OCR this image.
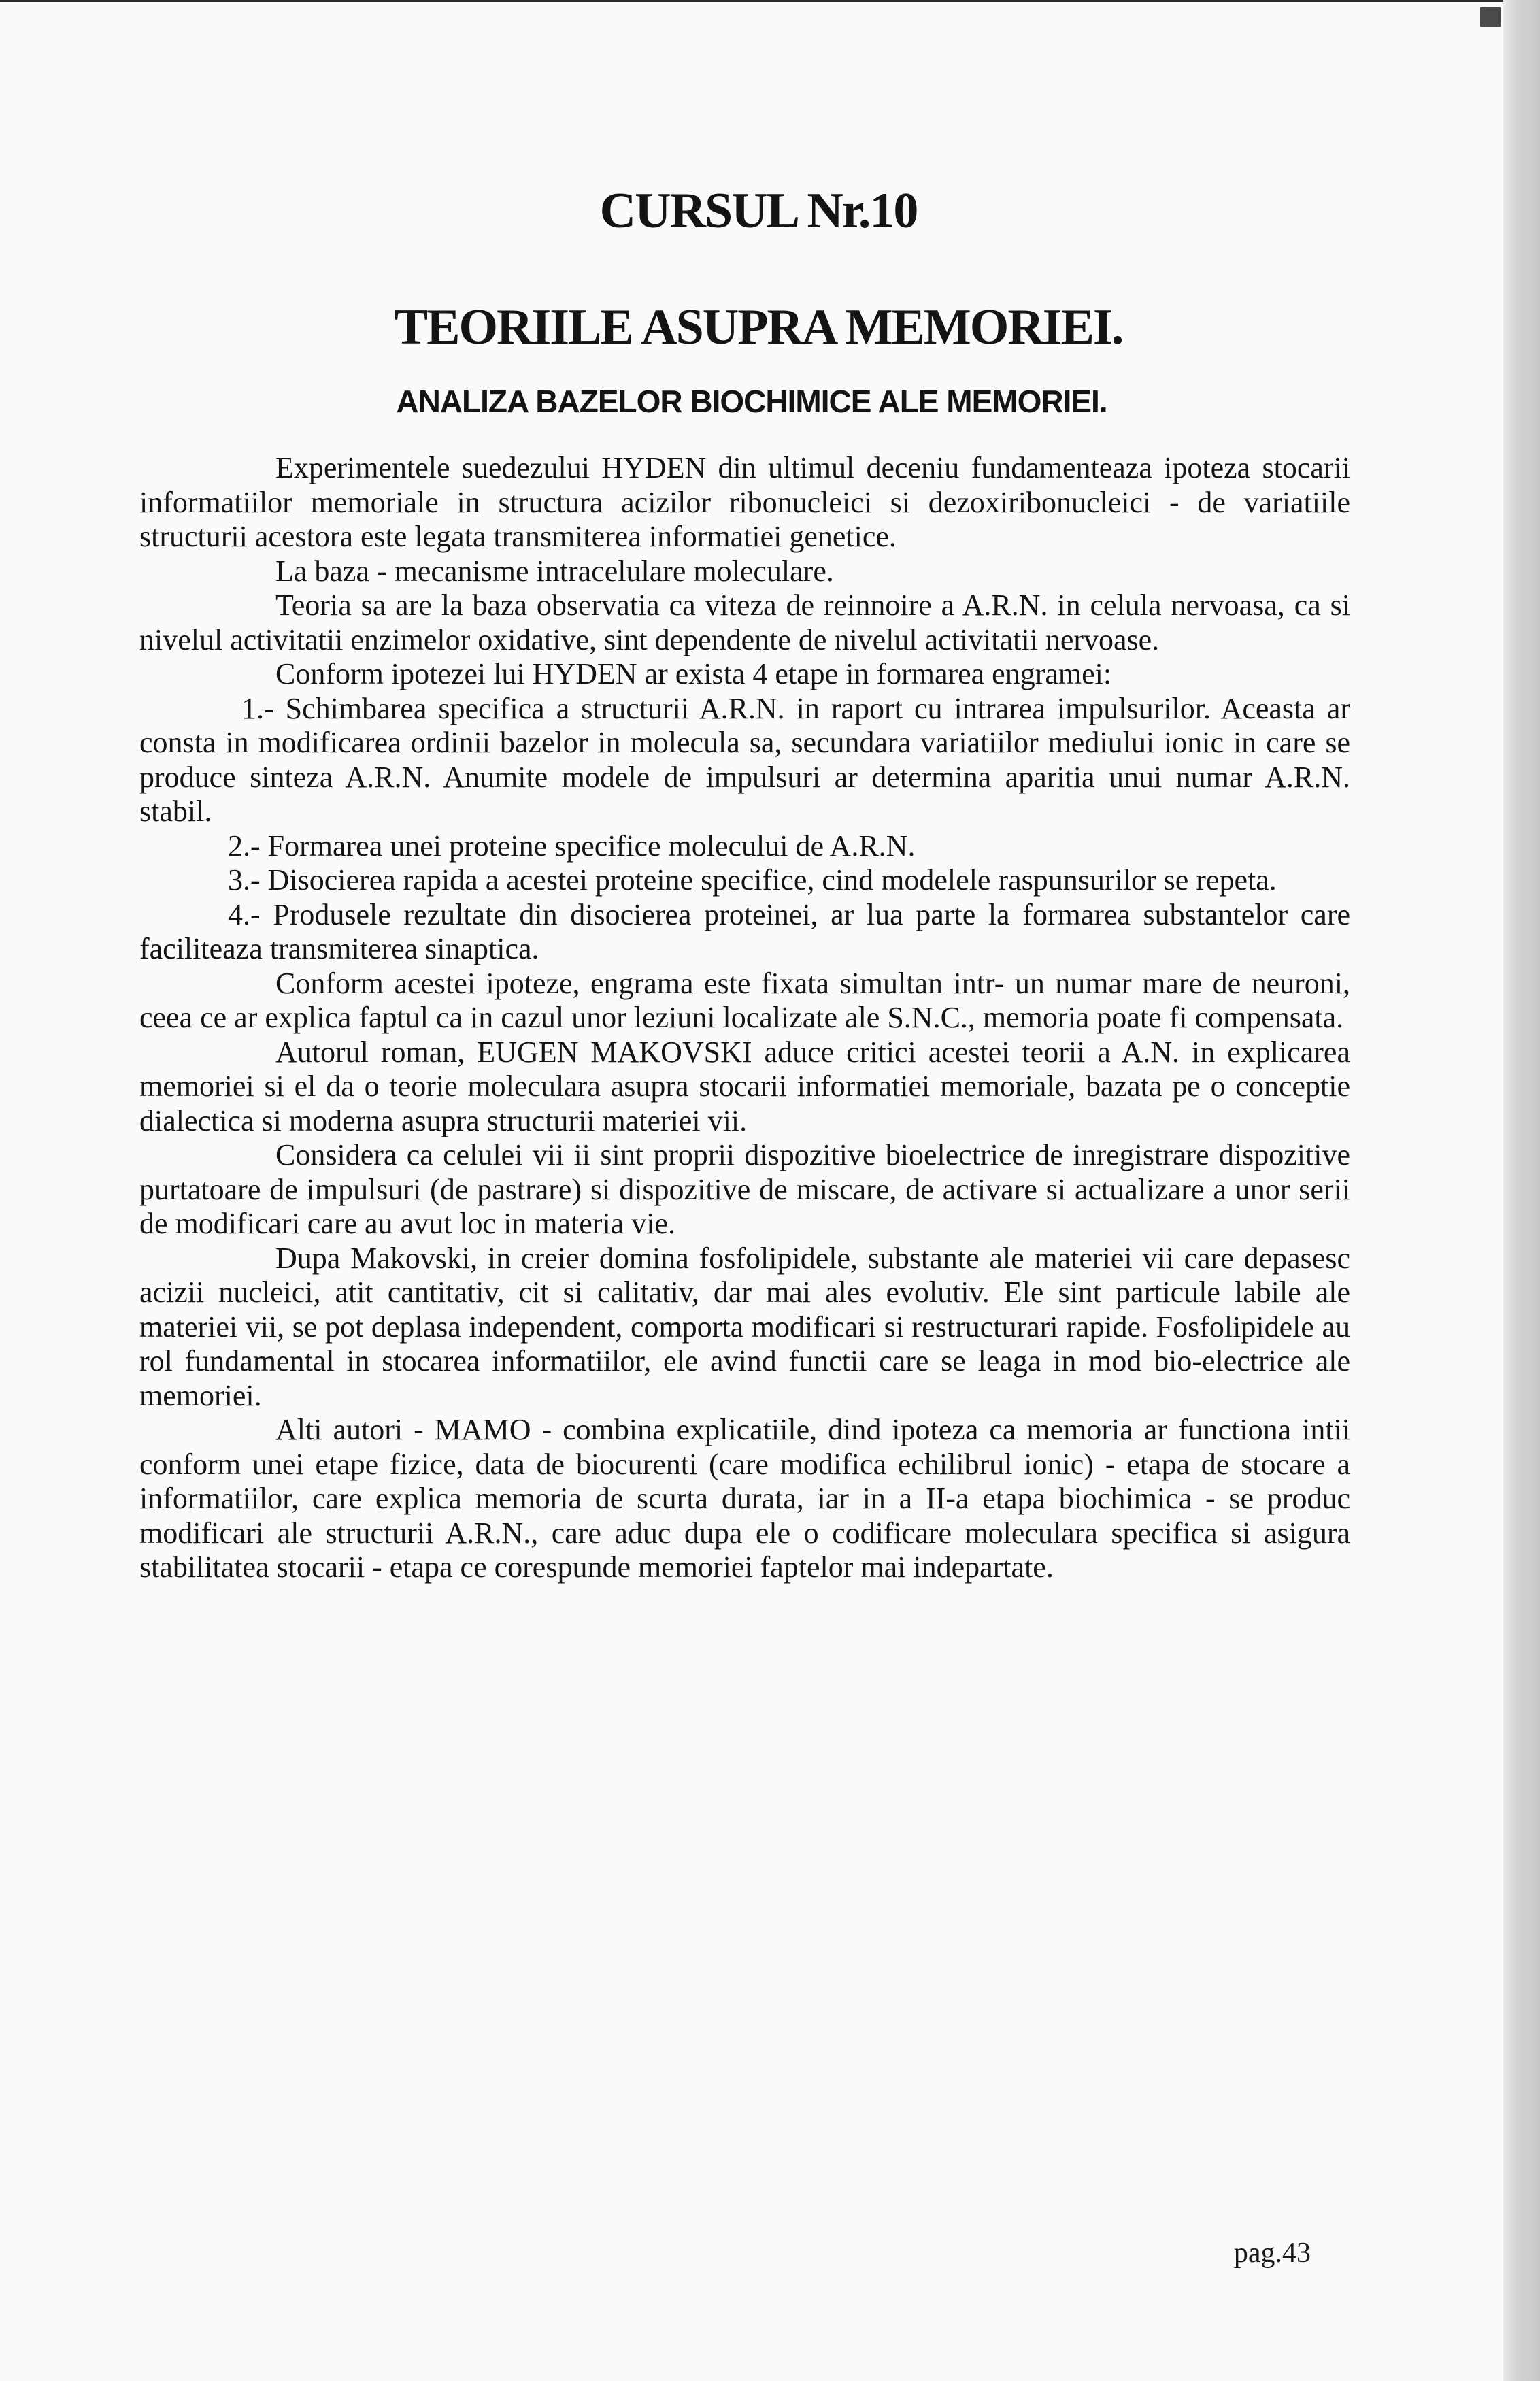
CURSUL Nr.10
TEORIILE ASUPRA MEMORIEI.
ANALIZA BAZELOR BIOCHIMICE ALE MEMORIEI.

Experimentele suedezului HYDEN din ultimul deceniu fundamenteaza ipoteza stocarii informatiilor memoriale in structura acizilor ribonucleici si dezoxiribonucleici - de variatiile structurii acestora este legata transmiterea informatiei genetice.

La baza - mecanisme intracelulare moleculare.

Teoria sa are la baza observatia ca viteza de reinnoire a A.R.N. in celula nervoasa, ca si nivelul activitatii enzimelor oxidative, sint dependente de nivelul activitatii nervoase.

Conform ipotezei lui HYDEN ar exista 4 etape in formarea engramei:

1.- Schimbarea specifica a structurii A.R.N. in raport cu intrarea impulsurilor. Aceasta ar consta in modificarea ordinii bazelor in molecula sa, secundara variatiilor mediului ionic in care se produce sinteza A.R.N. Anumite modele de impulsuri ar determina aparitia unui numar A.R.N. stabil.

2.- Formarea unei proteine specifice molecului de A.R.N.

3.- Disocierea rapida a acestei proteine specifice, cind modelele raspunsurilor se repeta.

4.- Produsele rezultate din disocierea proteinei, ar lua parte la formarea substantelor care faciliteaza transmiterea sinaptica.

Conform acestei ipoteze, engrama este fixata simultan intr- un numar mare de neuroni, ceea ce ar explica faptul ca in cazul unor leziuni localizate ale S.N.C., memoria poate fi compensata.

Autorul roman, EUGEN MAKOVSKI aduce critici acestei teorii a A.N. in explicarea memoriei si el da o teorie moleculara asupra stocarii informatiei memoriale, bazata pe o conceptie dialectica si moderna asupra structurii materiei vii.

Considera ca celulei vii ii sint proprii dispozitive bioelectrice de inregistrare dispozitive purtatoare de impulsuri (de pastrare) si dispozitive de miscare, de activare si actualizare a unor serii de modificari care au avut loc in materia vie.

Dupa Makovski, in creier domina fosfolipidele, substante ale materiei vii care depasesc acizii nucleici, atit cantitativ, cit si calitativ, dar mai ales evolutiv. Ele sint particule labile ale materiei vii, se pot deplasa independent, comporta modificari si restructurari rapide. Fosfolipidele au rol fundamental in stocarea informatiilor, ele avind functii care se leaga in mod bio-electrice ale memoriei.

Alti autori - MAMO - combina explicatiile, dind ipoteza ca memoria ar functiona intii conform unei etape fizice, data de biocurenti (care modifica echilibrul ionic) - etapa de stocare a informatiilor, care explica memoria de scurta durata, iar in a II-a etapa biochimica - se produc modificari ale structurii A.R.N., care aduc dupa ele o codificare moleculara specifica si asigura stabilitatea stocarii - etapa ce corespunde memoriei faptelor mai indepartate.

pag.43
